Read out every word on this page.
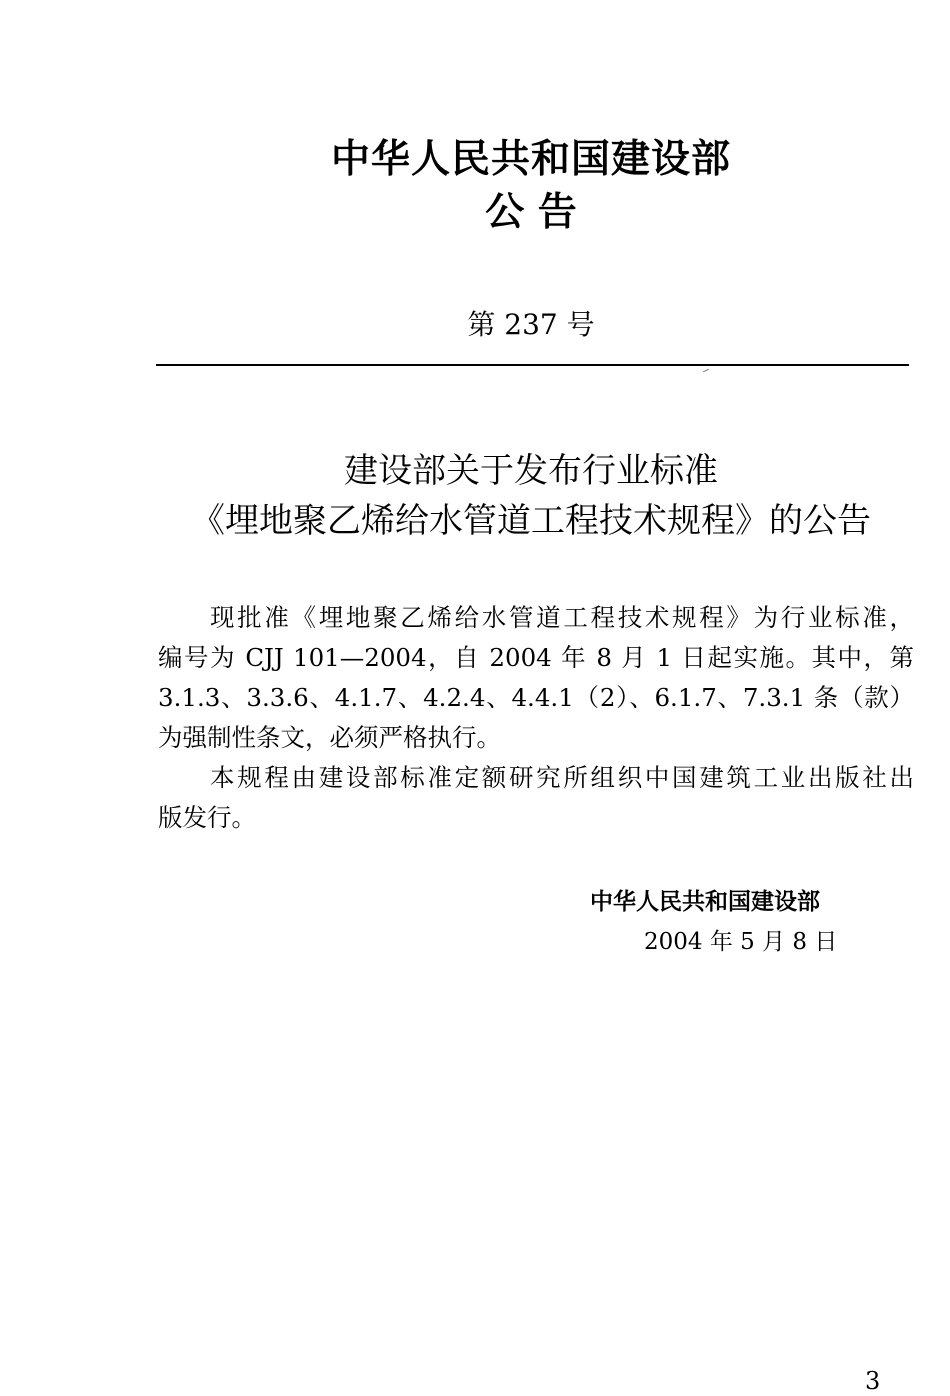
中华人民共和国建设部
公 告
第 237 号
建设部关于发布行业标准
《埋地聚乙烯给水管道工程技术规程》的公告
现批准《埋地聚乙烯给水管道工程技术规程》为行业标准，
编号为 CJJ 101—2004，自 2004 年 8 月 1 日起实施。其中，第
3.1.3、3.3.6、4.1.7、4.2.4、4.4.1（2）、6.1.7、7.3.1 条（款）
为强制性条文，必须严格执行。
本规程由建设部标准定额研究所组织中国建筑工业出版社出
版发行。
中华人民共和国建设部
2004 年 5 月 8 日
3
